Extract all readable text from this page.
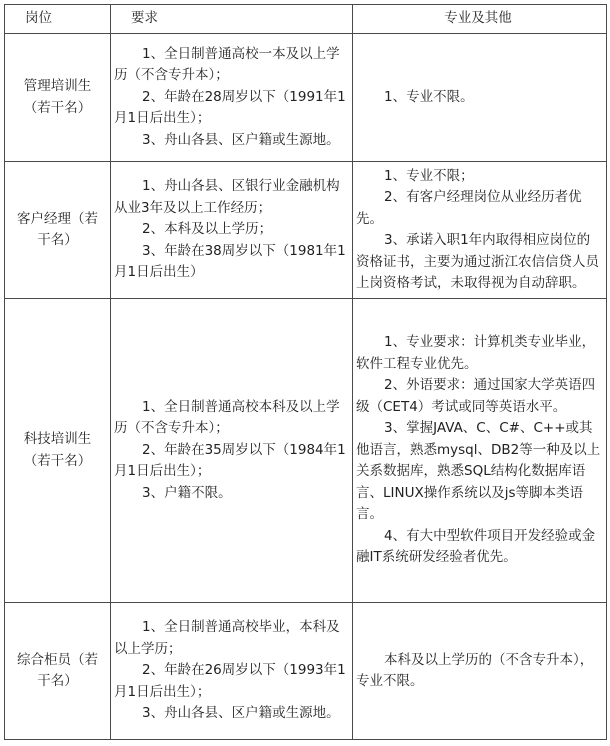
岗位	要求	专业及其他
管理培训生（若干名）	1、全日制普通高校一本及以上学历（不含专升本）；
2、年龄在28周岁以下（1991年1月1日后出生）；
3、舟山各县、区户籍或生源地。	1、专业不限。

客户经理（若干名）	1、舟山各县、区银行业金融机构从业3年及以上工作经历；
2、本科及以上学历；
3、年龄在38周岁以下（1981年1月1日后出生）	1、专业不限；
2、有客户经理岗位从业经历者优先。
3、承诺入职1年内取得相应岗位的资格证书，主要为通过浙江农信信贷人员上岗资格考试，未取得视为自动辞职。

科技培训生（若干名）	1、全日制普通高校本科及以上学历（不含专升本）；
2、年龄在35周岁以下（1984年1月1日后出生）；
3、户籍不限。	1、专业要求：计算机类专业毕业，软件工程专业优先。
2、外语要求：通过国家大学英语四级（CET4）考试或同等英语水平。
3、掌握JAVA、C、C#、C++或其他语言，熟悉mysql、DB2等一种及以上关系数据库，熟悉SQL结构化数据库语言、LINUX操作系统以及js等脚本类语言。
4、有大中型软件项目开发经验或金融IT系统研发经验者优先。

综合柜员（若干名）	1、全日制普通高校毕业，本科及以上学历；
2、年龄在26周岁以下（1993年1月1日后出生）；
3、舟山各县、区户籍或生源地。	本科及以上学历的（不含专升本），专业不限。
